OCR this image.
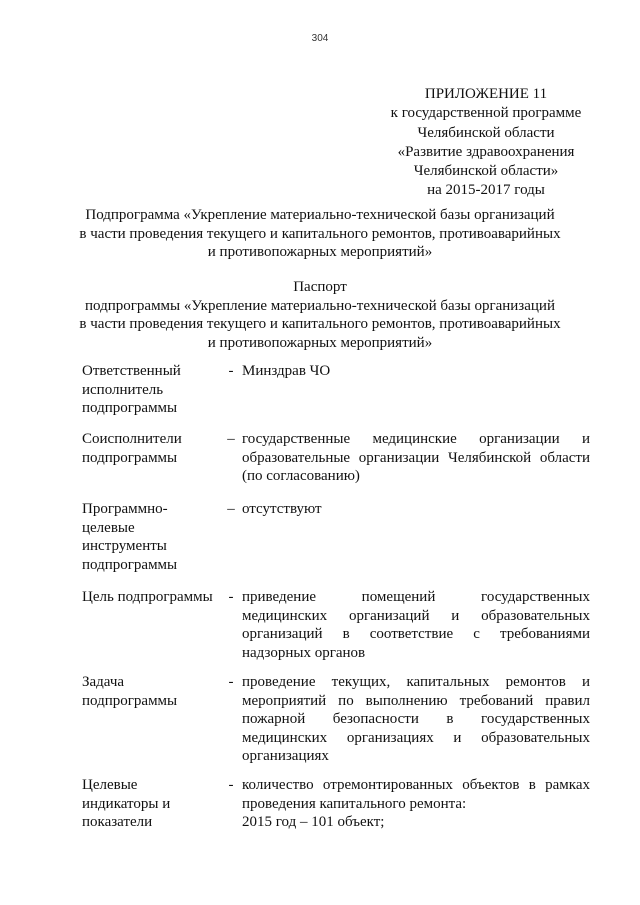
304
ПРИЛОЖЕНИЕ 11
к государственной программе
Челябинской области
«Развитие здравоохранения
Челябинской области»
на 2015-2017 годы
Подпрограмма «Укрепление материально-технической базы организаций
в части проведения текущего и капитального ремонтов, противоаварийных
и противопожарных мероприятий»
Паспорт
подпрограммы «Укрепление материально-технической базы организаций
в части проведения текущего и капитального ремонтов, противоаварийных
и противопожарных мероприятий»
Ответственный
исполнитель
подпрограммы
- Минздрав ЧО
Соисполнители
подпрограммы
– государственные медицинские организации и
образовательные организации Челябинской области
(по согласованию)
Программно-
целевые
инструменты
подпрограммы
– отсутствуют
Цель подпрограммы	- приведение помещений государственных
медицинских организаций и образовательных
организаций в соответствие с требованиями
надзорных органов
Задача
подпрограммы
- проведение текущих, капитальных ремонтов и
мероприятий по выполнению требований правил
пожарной безопасности в государственных
медицинских организациях и образовательных
организациях
Целевые
индикаторы и
показатели
- количество отремонтированных объектов в рамках
проведения капитального ремонта:
2015 год – 101 объект;
